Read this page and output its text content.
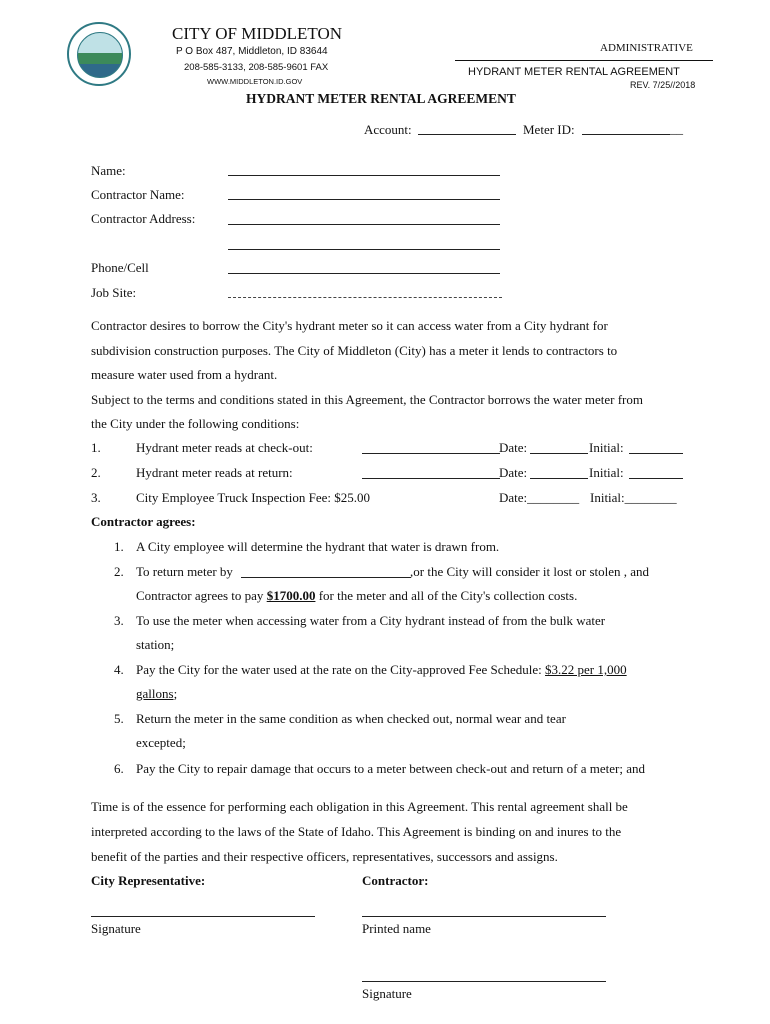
CITY OF MIDDLETON
P O Box 487, Middleton, ID 83644
208-585-3133, 208-585-9601 FAX
WWW.MIDDLETON.ID.GOV
ADMINISTRATIVE
HYDRANT METER RENTAL AGREEMENT
REV. 7/25//2018
HYDRANT METER RENTAL AGREEMENT
Account:	Meter ID:	__
Name:
Contractor Name:
Contractor Address:
Phone/Cell
Job Site:
Contractor desires to borrow the City's hydrant meter so it can access water from a City hydrant for
subdivision construction purposes. The City of Middleton (City) has a meter it lends to contractors to
measure water used from a hydrant.
Subject to the terms and conditions stated in this Agreement, the Contractor borrows the water meter from
the City under the following conditions:
1.	Hydrant meter reads at check-out:	Date:	Initial:
2.	Hydrant meter reads at return:	Date:	Initial:
3.	City Employee Truck Inspection Fee: $25.00	Date:________ Initial:________
Contractor agrees:
1. A City employee will determine the hydrant that water is drawn from.
2. To return meter by	,or the City will consider it lost or stolen , and
Contractor agrees to pay $1700.00 for the meter and all of the City's collection costs.
3. To use the meter when accessing water from a City hydrant instead of from the bulk water
station;
4. Pay the City for the water used at the rate on the City-approved Fee Schedule: $3.22 per 1,000
gallons;
5. Return the meter in the same condition as when checked out, normal wear and tear
excepted;
6. Pay the City to repair damage that occurs to a meter between check-out and return of a meter; and
Time is of the essence for performing each obligation in this Agreement. This rental agreement shall be
interpreted according to the laws of the State of Idaho. This Agreement is binding on and inures to the
benefit of the parties and their respective officers, representatives, successors and assigns.
City Representative:	Contractor:
Signature	Printed name
Signature
